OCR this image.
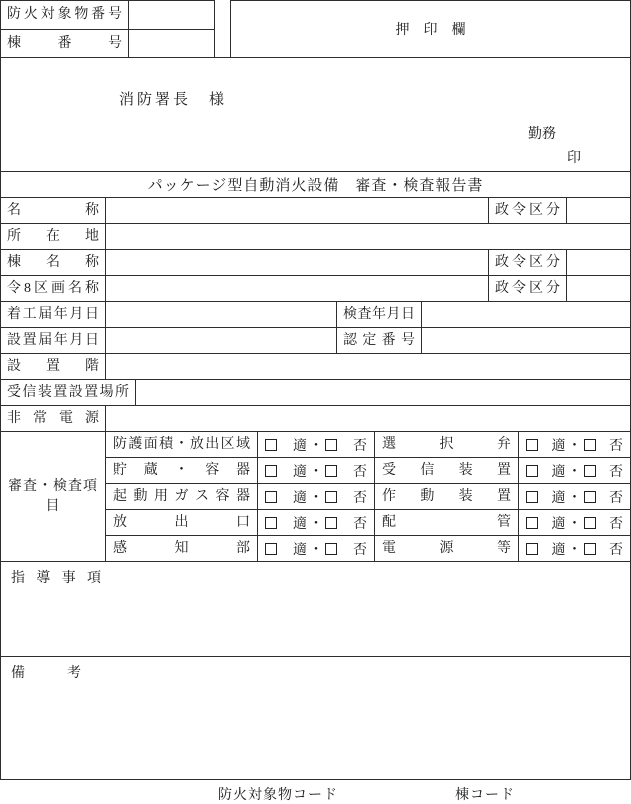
防火対象物番号
棟番号
押印欄
消防署長　様
勤務
印
パッケージ型自動消火設備　審査・検査報告書
名称	政令区分
所在地
棟名称	政令区分
令8区画名称	政令区分
着工届年月日	検査年月日
設置届年月日	認定番号
設置階
受信装置設置場所
非常電源
審査・検査項
目
防護面積・放出区域	適 ・ 否	選択弁	適 ・ 否
貯蔵・容器	適 ・ 否	受信装置	適 ・ 否
起動用ガス容器	適 ・ 否	作動装置	適 ・ 否
放出口	適 ・ 否	配管	適 ・ 否
感知部	適 ・ 否	電源等	適 ・ 否
指導事項
備考
防火対象物コード	棟コード
